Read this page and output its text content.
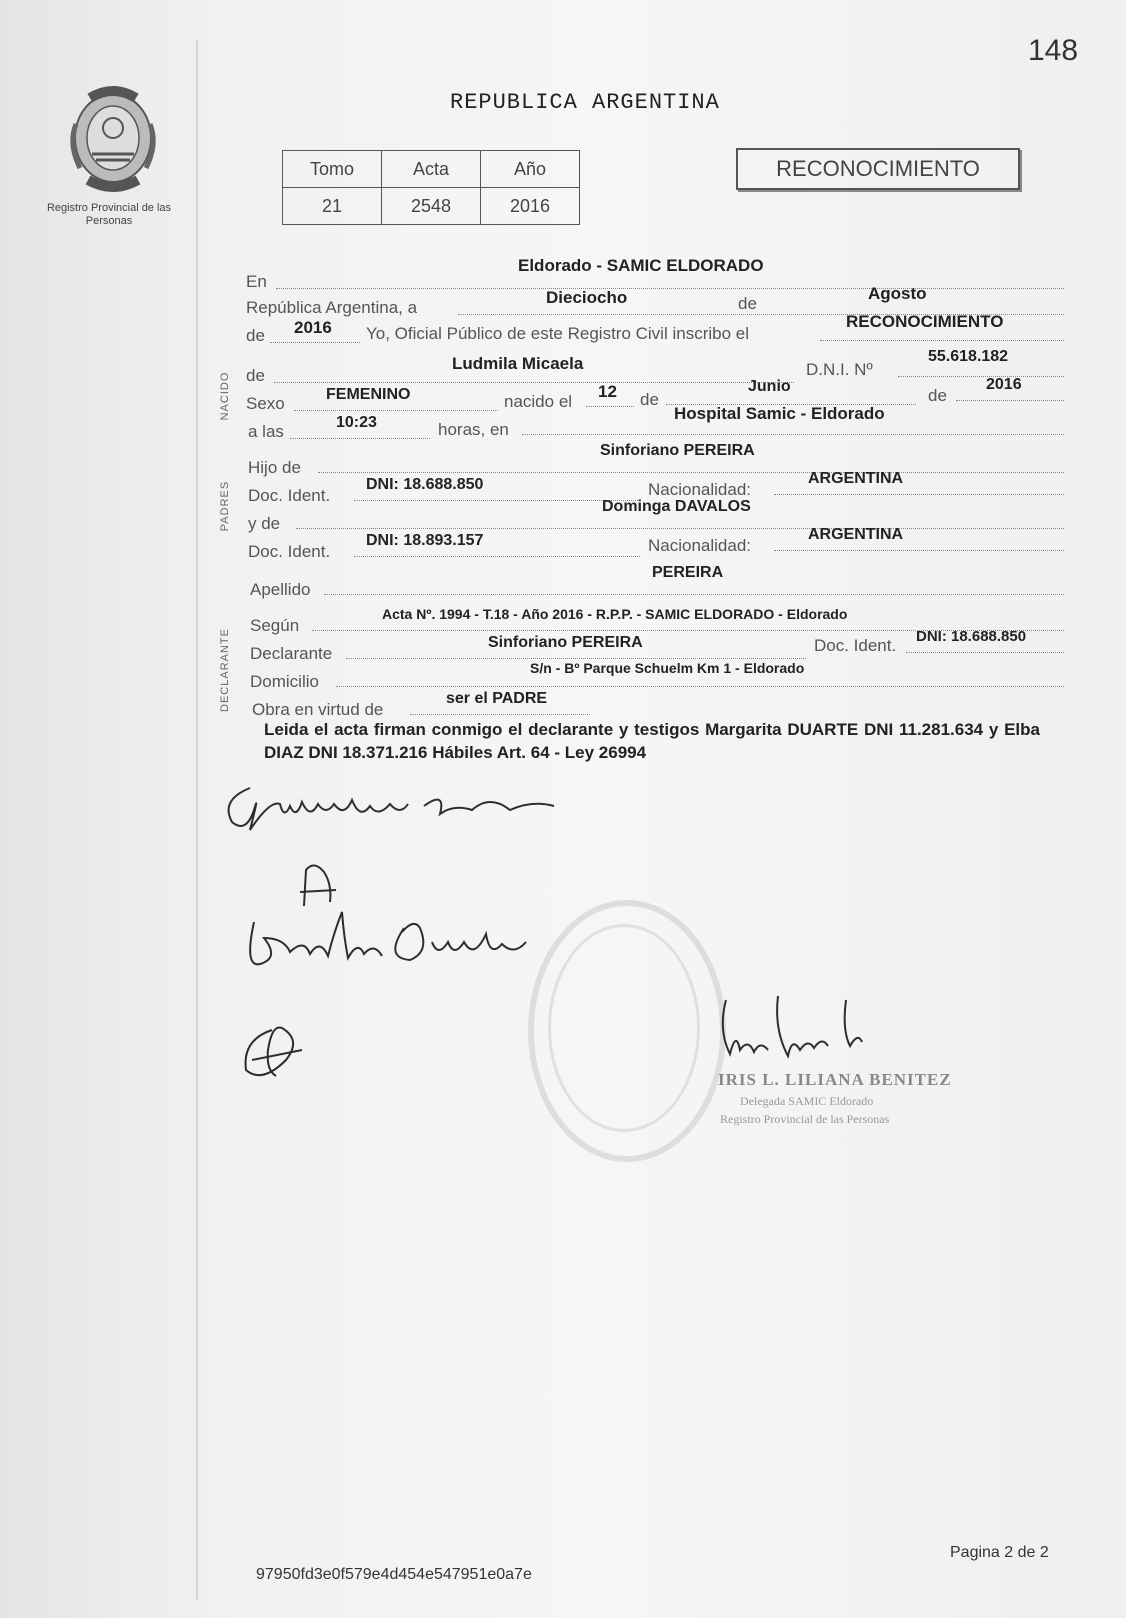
148
Registro Provincial de las Personas
REPUBLICA ARGENTINA
Tomo	Acta	Año
21	2548	2016
RECONOCIMIENTO
En
Eldorado - SAMIC ELDORADO
República Argentina, a
Dieciocho	de
Agosto
de 2016 Yo, Oficial Público de este Registro Civil inscribo el
RECONOCIMIENTO
NACIDO de
Ludmila Micaela	D.N.I. Nº
55.618.182
Sexo	FEMENINO	nacido el
12 de
Junio	de
2016
a las	10:23	horas, en
Hospital Samic - Eldorado
PADRES
Hijo de
Sinforiano PEREIRA
Doc. Ident.
DNI: 18.688.850	Nacionalidad:
ARGENTINA
y de
Dominga DAVALOS
Doc. Ident.
DNI: 18.893.157	Nacionalidad:
ARGENTINA
Apellido
PEREIRA
DECLARANTE
Según
Acta Nº. 1994 - T.18 - Año 2016 - R.P.P. - SAMIC ELDORADO - Eldorado
Declarante
Sinforiano PEREIRA	Doc. Ident. DNI: 18.688.850
Domicilio
S/n - Bº Parque Schuelm Km 1 - Eldorado
Obra en virtud de
ser el PADRE
Leida el acta firman conmigo el declarante y testigos Margarita DUARTE DNI 11.281.634 y Elba DIAZ DNI 18.371.216 Hábiles Art. 64 - Ley 26994

IRIS L. LILIANA BENITEZ
Delegada SAMIC Eldorado
Registro Provincial de las Personas
97950fd3e0f579e4d454e547951e0a7e
Pagina 2 de 2
